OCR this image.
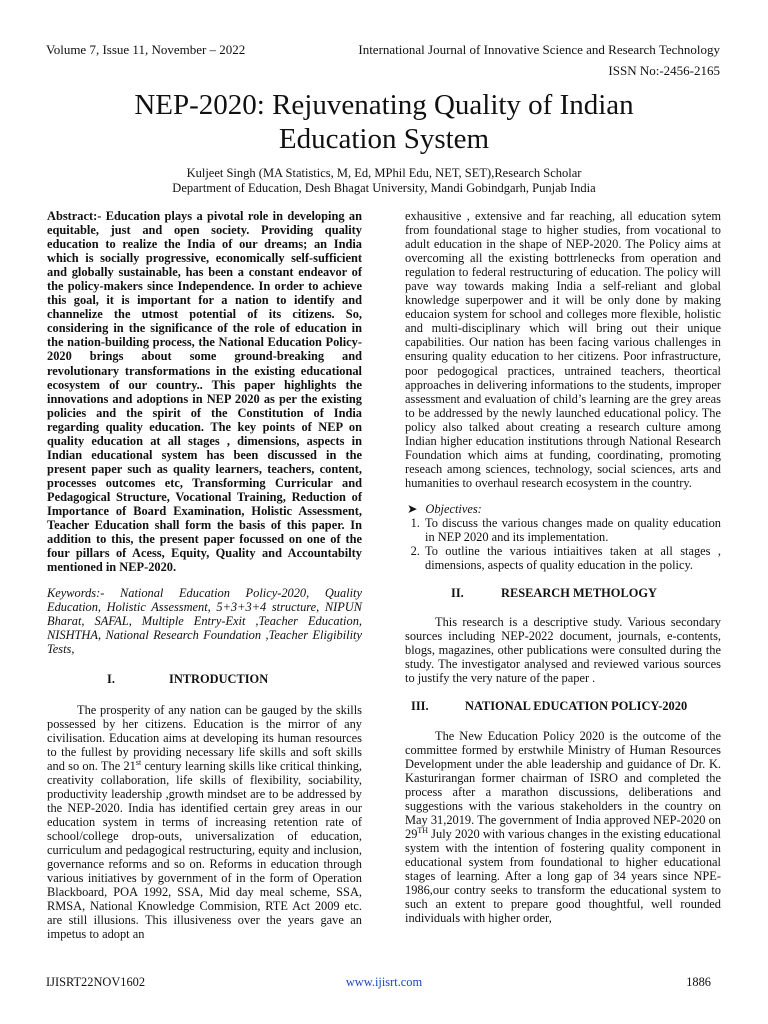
Volume 7, Issue 11, November – 2022	International Journal of Innovative Science and Research Technology
ISSN No:-2456-2165
NEP-2020: Rejuvenating Quality of Indian
Education System
Kuljeet Singh (MA Statistics, M, Ed, MPhil Edu, NET, SET),Research Scholar
Department of Education, Desh Bhagat University, Mandi Gobindgarh, Punjab India

Abstract:- Education plays a pivotal role in developing an equitable, just and open society. Providing quality education to realize the India of our dreams; an India which is socially progressive, economically self-sufficient and globally sustainable, has been a constant endeavor of the policy-makers since Independence. In order to achieve this goal, it is important for a nation to identify and channelize the utmost potential of its citizens. So, considering in the significance of the role of education in the nation-building process, the National Education Policy-2020 brings about some ground-breaking and revolutionary transformations in the existing educational ecosystem of our country.. This paper highlights the innovations and adoptions in NEP 2020 as per the existing policies and the spirit of the Constitution of India regarding quality education. The key points of NEP on quality education at all stages , dimensions, aspects in Indian educational system has been discussed in the present paper such as quality learners, teachers, content, processes outcomes etc, Transforming Curricular and Pedagogical Structure, Vocational Training, Reduction of Importance of Board Examination, Holistic Assessment, Teacher Education shall form the basis of this paper. In addition to this, the present paper focussed on one of the four pillars of Acess, Equity, Quality and Accountabilty mentioned in NEP-2020.

Keywords:- National Education Policy-2020, Quality Education, Holistic Assessment, 5+3+3+4 structure, NIPUN Bharat, SAFAL, Multiple Entry-Exit ,Teacher Education, NISHTHA, National Research Foundation ,Teacher Eligibility Tests,

I.	INTRODUCTION

The prosperity of any nation can be gauged by the skills possessed by her citizens. Education is the mirror of any civilisation. Education aims at developing its human resources to the fullest by providing necessary life skills and soft skills and so on. The 21st century learning skills like critical thinking, creativity collaboration, life skills of flexibility, sociability, productivity leadership ,growth mindset are to be addressed by the NEP-2020. India has identified certain grey areas in our education system in terms of increasing retention rate of school/college drop-outs, universalization of education, curriculum and pedagogical restructuring, equity and inclusion, governance reforms and so on. Reforms in education through various initiatives by government of in the form of Operation Blackboard, POA 1992, SSA, Mid day meal scheme, SSA, RMSA, National Knowledge Commision, RTE Act 2009 etc. are still illusions. This illusiveness over the years gave an impetus to adopt an

exhausitive , extensive and far reaching, all education sytem from foundational stage to higher studies, from vocational to adult education in the shape of NEP-2020. The Policy aims at overcoming all the existing bottrlenecks from operation and regulation to federal restructuring of education. The policy will pave way towards making India a self-reliant and global knowledge superpower and it will be only done by making educaion system for school and colleges more flexible, holistic and multi-disciplinary which will bring out their unique capabilities. Our nation has been facing various challenges in ensuring quality education to her citizens. Poor infrastructure, poor pedogogical practices, untrained teachers, theortical approaches in delivering informations to the students, improper assessment and evaluation of child’s learning are the grey areas to be addressed by the newly launched educational policy. The policy also talked about creating a research culture among Indian higher education institutions through National Research Foundation which aims at funding, coordinating, promoting reseach among sciences, technology, social sciences, arts and humanities to overhaul research ecosystem in the country.

➤ Objectives:
1. To discuss the various changes made on quality education in NEP 2020 and its implementation.
2. To outline the various intiaitives taken at all stages , dimensions, aspects of quality education in the policy.
II.	RESEARCH METHOLOGY

This research is a descriptive study. Various secondary sources including NEP-2022 document, journals, e-contents, blogs, magazines, other publications were consulted during the study. The investigator analysed and reviewed various sources to justify the very nature of the paper .

III.	NATIONAL EDUCATION POLICY-2020

The New Education Policy 2020 is the outcome of the committee formed by erstwhile Ministry of Human Resources Development under the able leadership and guidance of Dr. K. Kasturirangan former chairman of ISRO and completed the process after a marathon discussions, deliberations and suggestions with the various stakeholders in the country on May 31,2019. The government of India approved NEP-2020 on 29TH July 2020 with various changes in the existing educational system with the intention of fostering quality component in educational system from foundational to higher educational stages of learning. After a long gap of 34 years since NPE-1986,our contry seeks to transform the educational system to such an extent to prepare good thoughtful, well rounded individuals with higher order,

IJISRT22NOV1602	www.ijisrt.com	1886
